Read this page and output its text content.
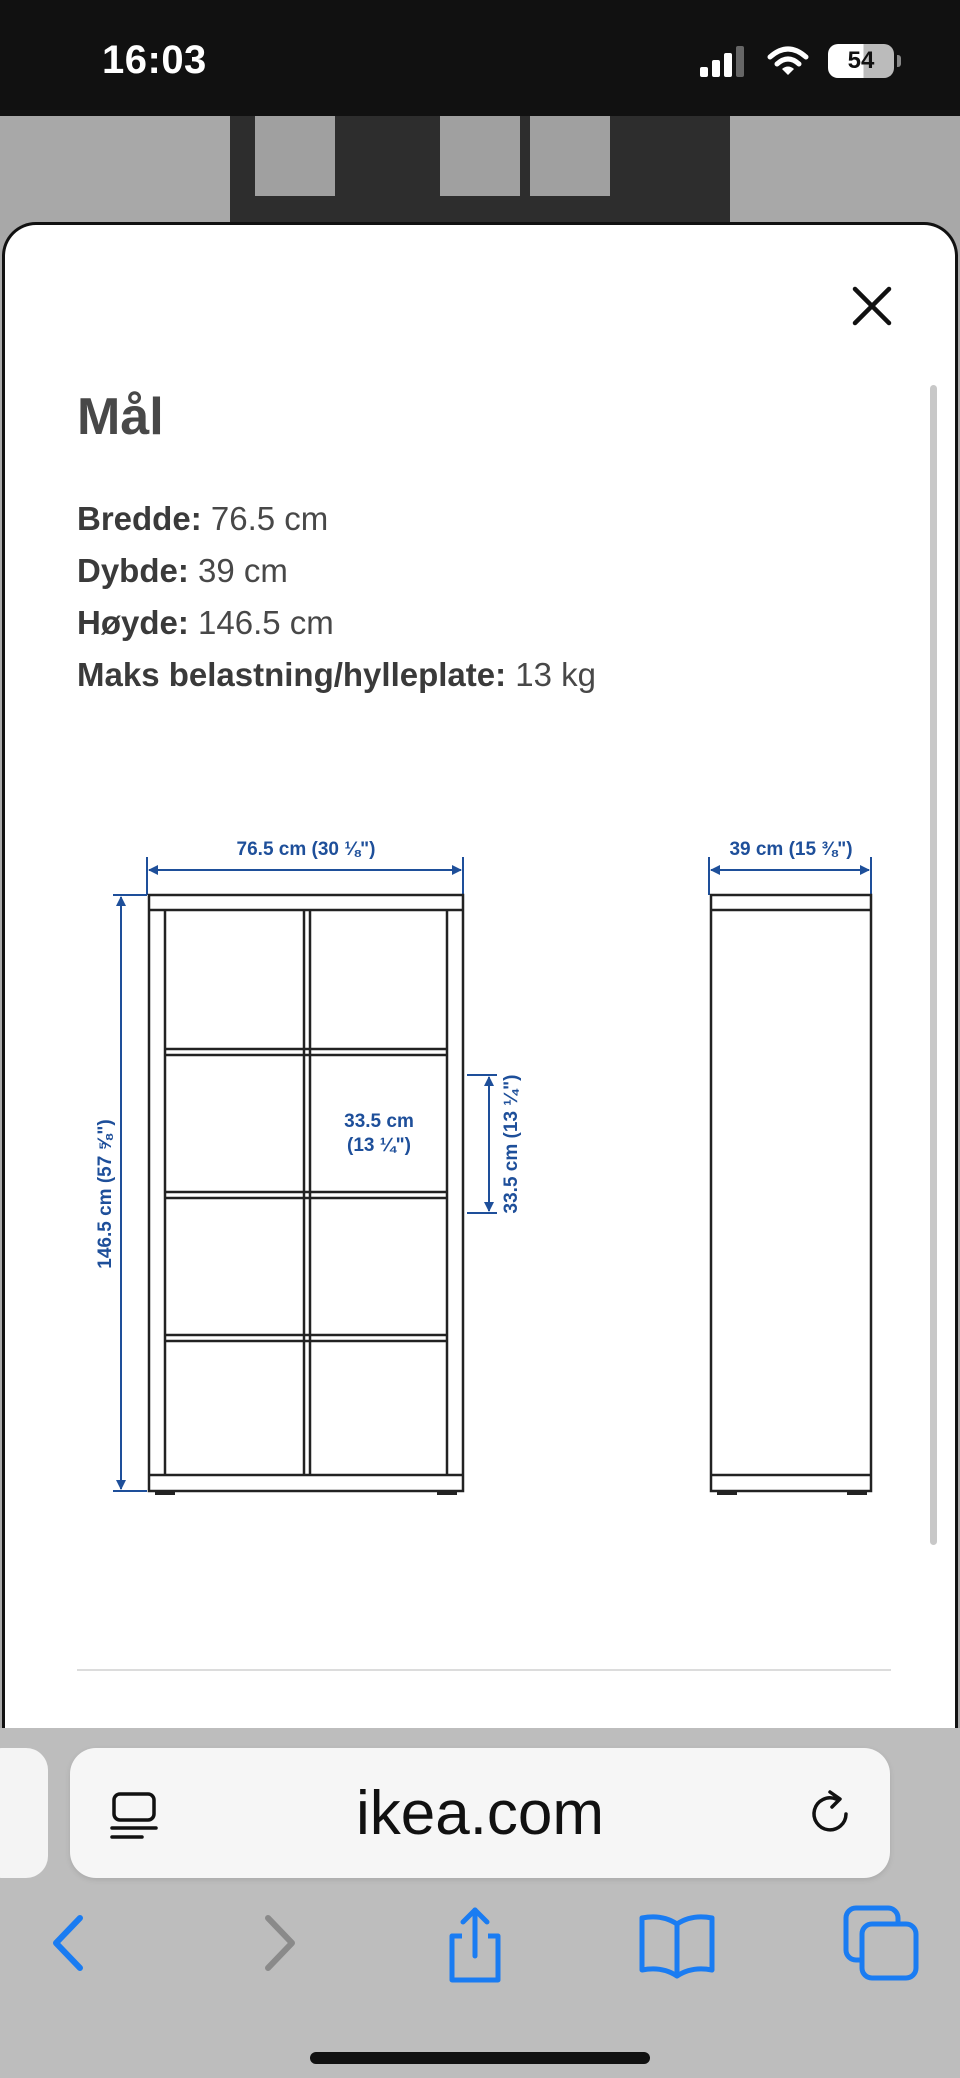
16:03	54
Mål
Bredde: 76.5 cm
Dybde: 39 cm
Høyde: 146.5 cm
Maks belastning/hylleplate: 13 kg
76.5 cm (30 ⅛")	39 cm (15 ⅜")
146.5 cm (57 ⅝")	33.5 cm
(13 ¼")	33.5 cm (13 ¼")
ikea.com
